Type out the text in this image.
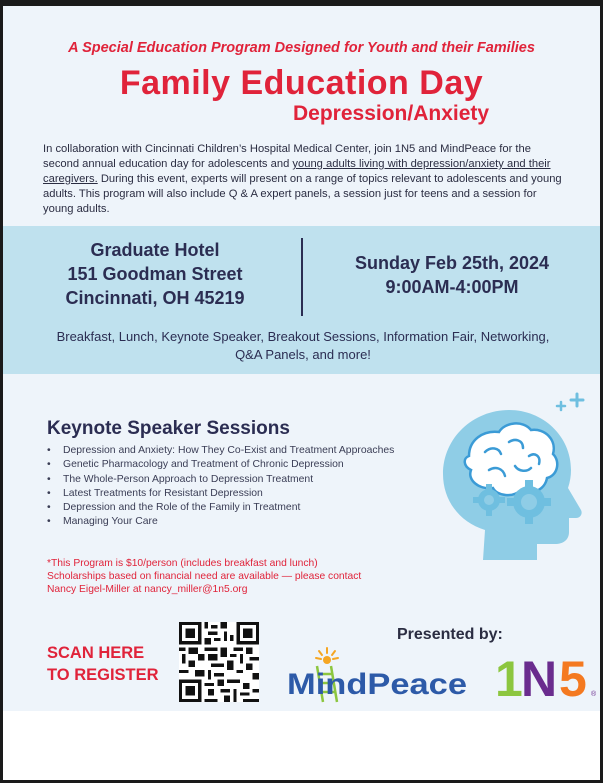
A Special Education Program Designed for Youth and their Families
Family Education Day
Depression/Anxiety
In collaboration with Cincinnati Children’s Hospital Medical Center, join 1N5 and MindPeace for the second annual education day for adolescents and young adults living with depression/anxiety and their caregivers. During this event, experts will present on a range of topics relevant to adolescents and young adults. This program will also include Q & A expert panels, a session just for teens and a session for young adults.
Graduate Hotel
151 Goodman Street
Cincinnati, OH 45219
Sunday Feb 25th, 2024
9:00AM-4:00PM
Breakfast, Lunch, Keynote Speaker, Breakout Sessions, Information Fair, Networking, Q&A Panels, and more!
Keynote Speaker Sessions
• Depression and Anxiety: How They Co-Exist and Treatment Approaches
• Genetic Pharmacology and Treatment of Chronic Depression
• The Whole-Person Approach to Depression Treatment
• Latest Treatments for Resistant Depression
• Depression and the Role of the Family in Treatment
• Managing Your Care
*This Program is $10/person (includes breakfast and lunch)
Scholarships based on financial need are available — please contact
Nancy Eigel-Miller at nancy_miller@1n5.org
SCAN HERE
TO REGISTER
Presented by:
MindPeace 1
N 5 ®
